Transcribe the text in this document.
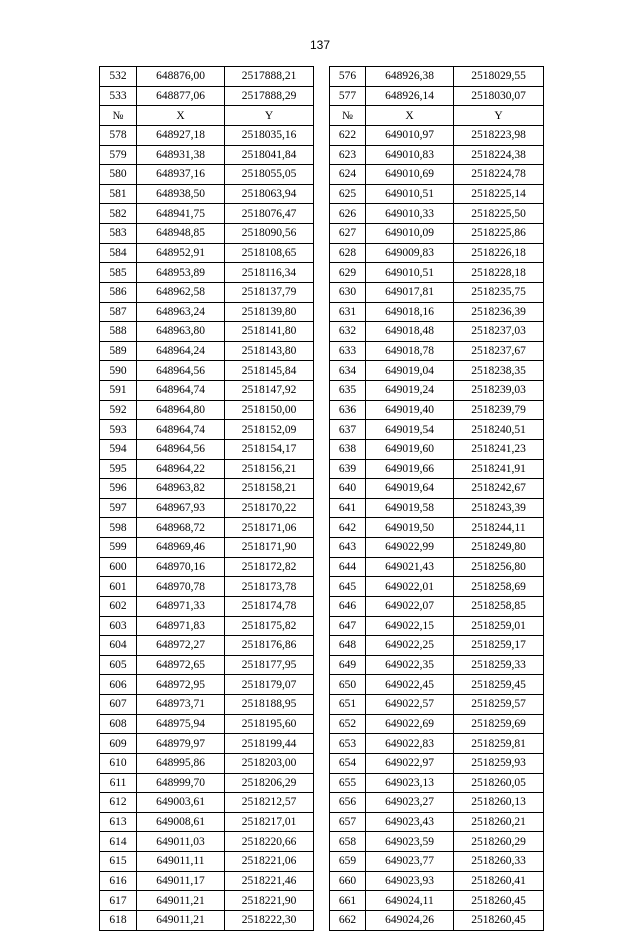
137
532	648876,00	2517888,21		576	648926,38	2518029,55
533	648877,06	2517888,29		577	648926,14	2518030,07
№	X	Y		№	X	Y
578	648927,18	2518035,16		622	649010,97	2518223,98
579	648931,38	2518041,84		623	649010,83	2518224,38
580	648937,16	2518055,05		624	649010,69	2518224,78
581	648938,50	2518063,94		625	649010,51	2518225,14
582	648941,75	2518076,47		626	649010,33	2518225,50
583	648948,85	2518090,56		627	649010,09	2518225,86
584	648952,91	2518108,65		628	649009,83	2518226,18
585	648953,89	2518116,34		629	649010,51	2518228,18
586	648962,58	2518137,79		630	649017,81	2518235,75
587	648963,24	2518139,80		631	649018,16	2518236,39
588	648963,80	2518141,80		632	649018,48	2518237,03
589	648964,24	2518143,80		633	649018,78	2518237,67
590	648964,56	2518145,84		634	649019,04	2518238,35
591	648964,74	2518147,92		635	649019,24	2518239,03
592	648964,80	2518150,00		636	649019,40	2518239,79
593	648964,74	2518152,09		637	649019,54	2518240,51
594	648964,56	2518154,17		638	649019,60	2518241,23
595	648964,22	2518156,21		639	649019,66	2518241,91
596	648963,82	2518158,21		640	649019,64	2518242,67
597	648967,93	2518170,22		641	649019,58	2518243,39
598	648968,72	2518171,06		642	649019,50	2518244,11
599	648969,46	2518171,90		643	649022,99	2518249,80
600	648970,16	2518172,82		644	649021,43	2518256,80
601	648970,78	2518173,78		645	649022,01	2518258,69
602	648971,33	2518174,78		646	649022,07	2518258,85
603	648971,83	2518175,82		647	649022,15	2518259,01
604	648972,27	2518176,86		648	649022,25	2518259,17
605	648972,65	2518177,95		649	649022,35	2518259,33
606	648972,95	2518179,07		650	649022,45	2518259,45
607	648973,71	2518188,95		651	649022,57	2518259,57
608	648975,94	2518195,60		652	649022,69	2518259,69
609	648979,97	2518199,44		653	649022,83	2518259,81
610	648995,86	2518203,00		654	649022,97	2518259,93
611	648999,70	2518206,29		655	649023,13	2518260,05
612	649003,61	2518212,57		656	649023,27	2518260,13
613	649008,61	2518217,01		657	649023,43	2518260,21
614	649011,03	2518220,66		658	649023,59	2518260,29
615	649011,11	2518221,06		659	649023,77	2518260,33
616	649011,17	2518221,46		660	649023,93	2518260,41
617	649011,21	2518221,90		661	649024,11	2518260,45
618	649011,21	2518222,30		662	649024,26	2518260,45
